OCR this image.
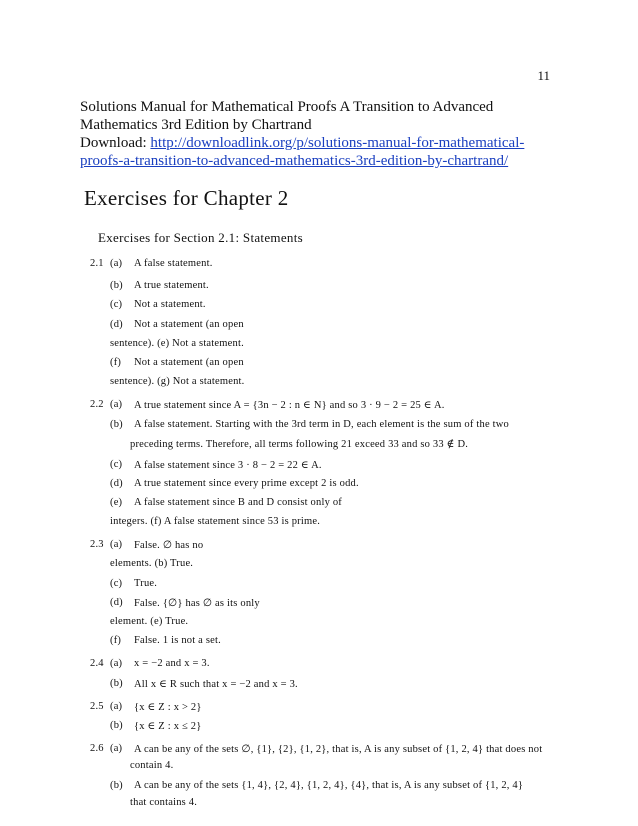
11
Solutions Manual for Mathematical Proofs A Transition to Advanced
Mathematics 3rd Edition by Chartrand
Download: http://downloadlink.org/p/solutions-manual-for-mathematical-
proofs-a-transition-to-advanced-mathematics-3rd-edition-by-chartrand/
Exercises for Chapter 2
Exercises for Section 2.1: Statements
2.1 (a) A false statement.
(b) A true statement.
(c) Not a statement.
(d) Not a statement (an open
sentence). (e) Not a statement.
(f) Not a statement (an open
sentence). (g) Not a statement.
2.2 (a) A true statement since A = {3n − 2 : n ∈ N} and so 3 · 9 − 2 = 25 ∈ A.
(b) A false statement. Starting with the 3rd term in D, each element is the sum of the two
preceding terms. Therefore, all terms following 21 exceed 33 and so 33 ∉ D.
(c) A false statement since 3 · 8 − 2 = 22 ∈ A.
(d) A true statement since every prime except 2 is odd.
(e) A false statement since B and D consist only of
integers. (f) A false statement since 53 is prime.
2.3 (a) False. ∅ has no
elements. (b) True.
(c) True.
(d) False. {∅} has ∅ as its only
element. (e) True.
(f) False. 1 is not a set.
2.4 (a) x = −2 and x = 3.
(b) All x ∈ R such that x = −2 and x = 3.
2.5 (a) {x ∈ Z : x > 2}
(b) {x ∈ Z : x ≤ 2}
2.6 (a) A can be any of the sets ∅, {1}, {2}, {1, 2}, that is, A is any subset of {1, 2, 4} that does not
contain 4.
(b) A can be any of the sets {1, 4}, {2, 4}, {1, 2, 4}, {4}, that is, A is any subset of {1, 2, 4}
that contains 4.
